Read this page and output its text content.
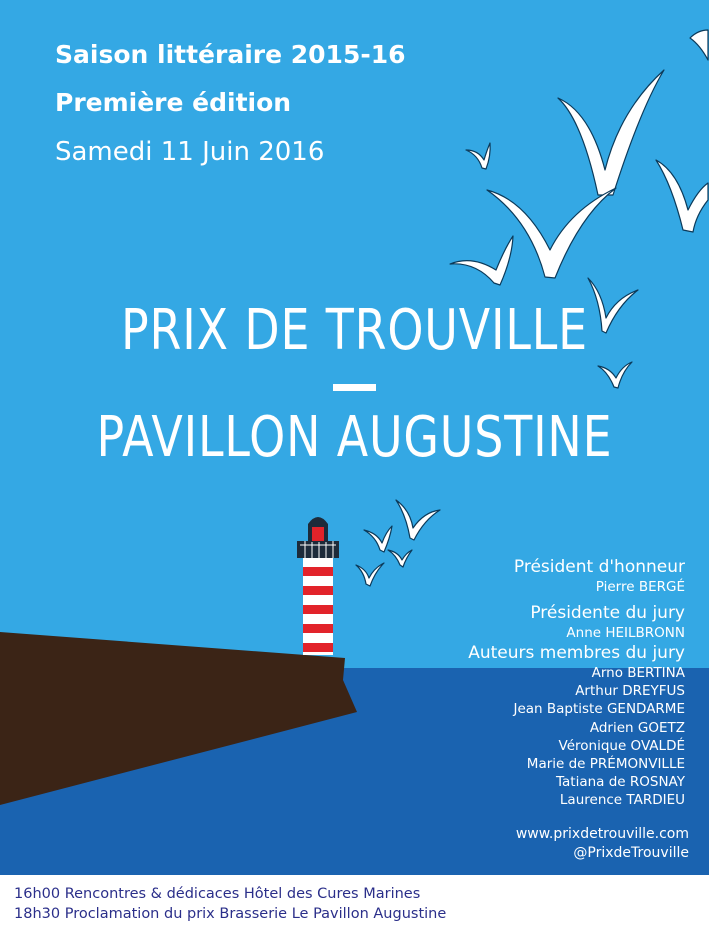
Saison littéraire 2015-16
Première édition
Samedi 11 Juin 2016
PRIX DE TROUVILLE
PAVILLON AUGUSTINE
Président d'honneur
Pierre BERGÉ
Présidente du jury
Anne HEILBRONN
Auteurs membres du jury
Arno BERTINA
Arthur DREYFUS
Jean Baptiste GENDARME
Adrien GOETZ
Véronique OVALDÉ
Marie de PRÉMONVILLE
Tatiana de ROSNAY
Laurence TARDIEU
www.prixdetrouville.com
@PrixdeTrouville
16h00 Rencontres & dédicaces Hôtel des Cures Marines
18h30 Proclamation du prix Brasserie Le Pavillon Augustine
